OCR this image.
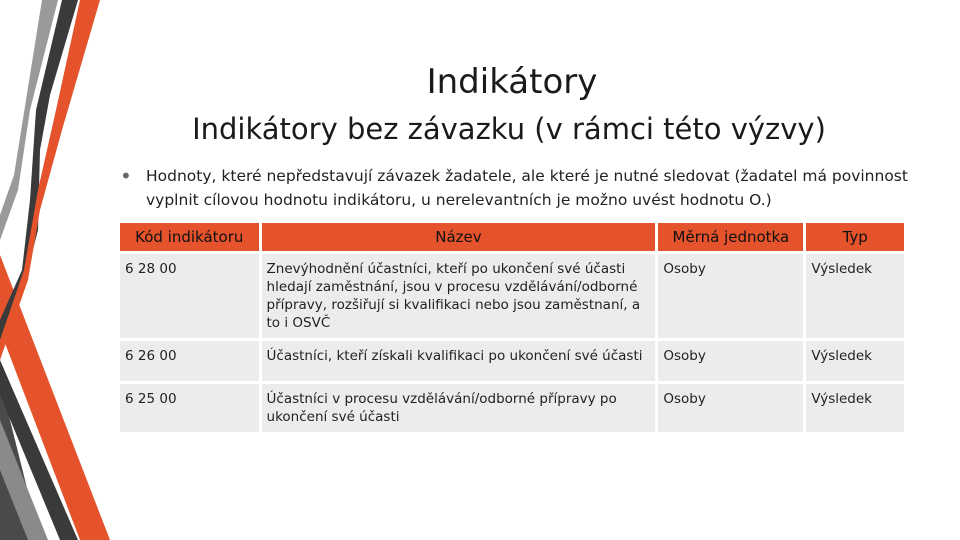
Indikátory
Indikátory bez závazku (v rámci této výzvy)
• Hodnoty, které nepředstavují závazek žadatele, ale které je nutné sledovat (žadatel má povinnost vyplnit cílovou hodnotu indikátoru, u nerelevantních je možno uvést hodnotu O.)
Kód indikátoru	Název	Měrná jednotka	Typ
6 28 00	Znevýhodnění účastníci, kteří po ukončení své účasti hledají zaměstnání, jsou v procesu vzdělávání/odborné přípravy, rozšiřují si kvalifikaci nebo jsou zaměstnaní, a to i OSVČ	Osoby	Výsledek
6 26 00	Účastníci, kteří získali kvalifikaci po ukončení své účasti	Osoby	Výsledek
6 25 00	Účastníci v procesu vzdělávání/odborné přípravy po ukončení své účasti	Osoby	Výsledek
